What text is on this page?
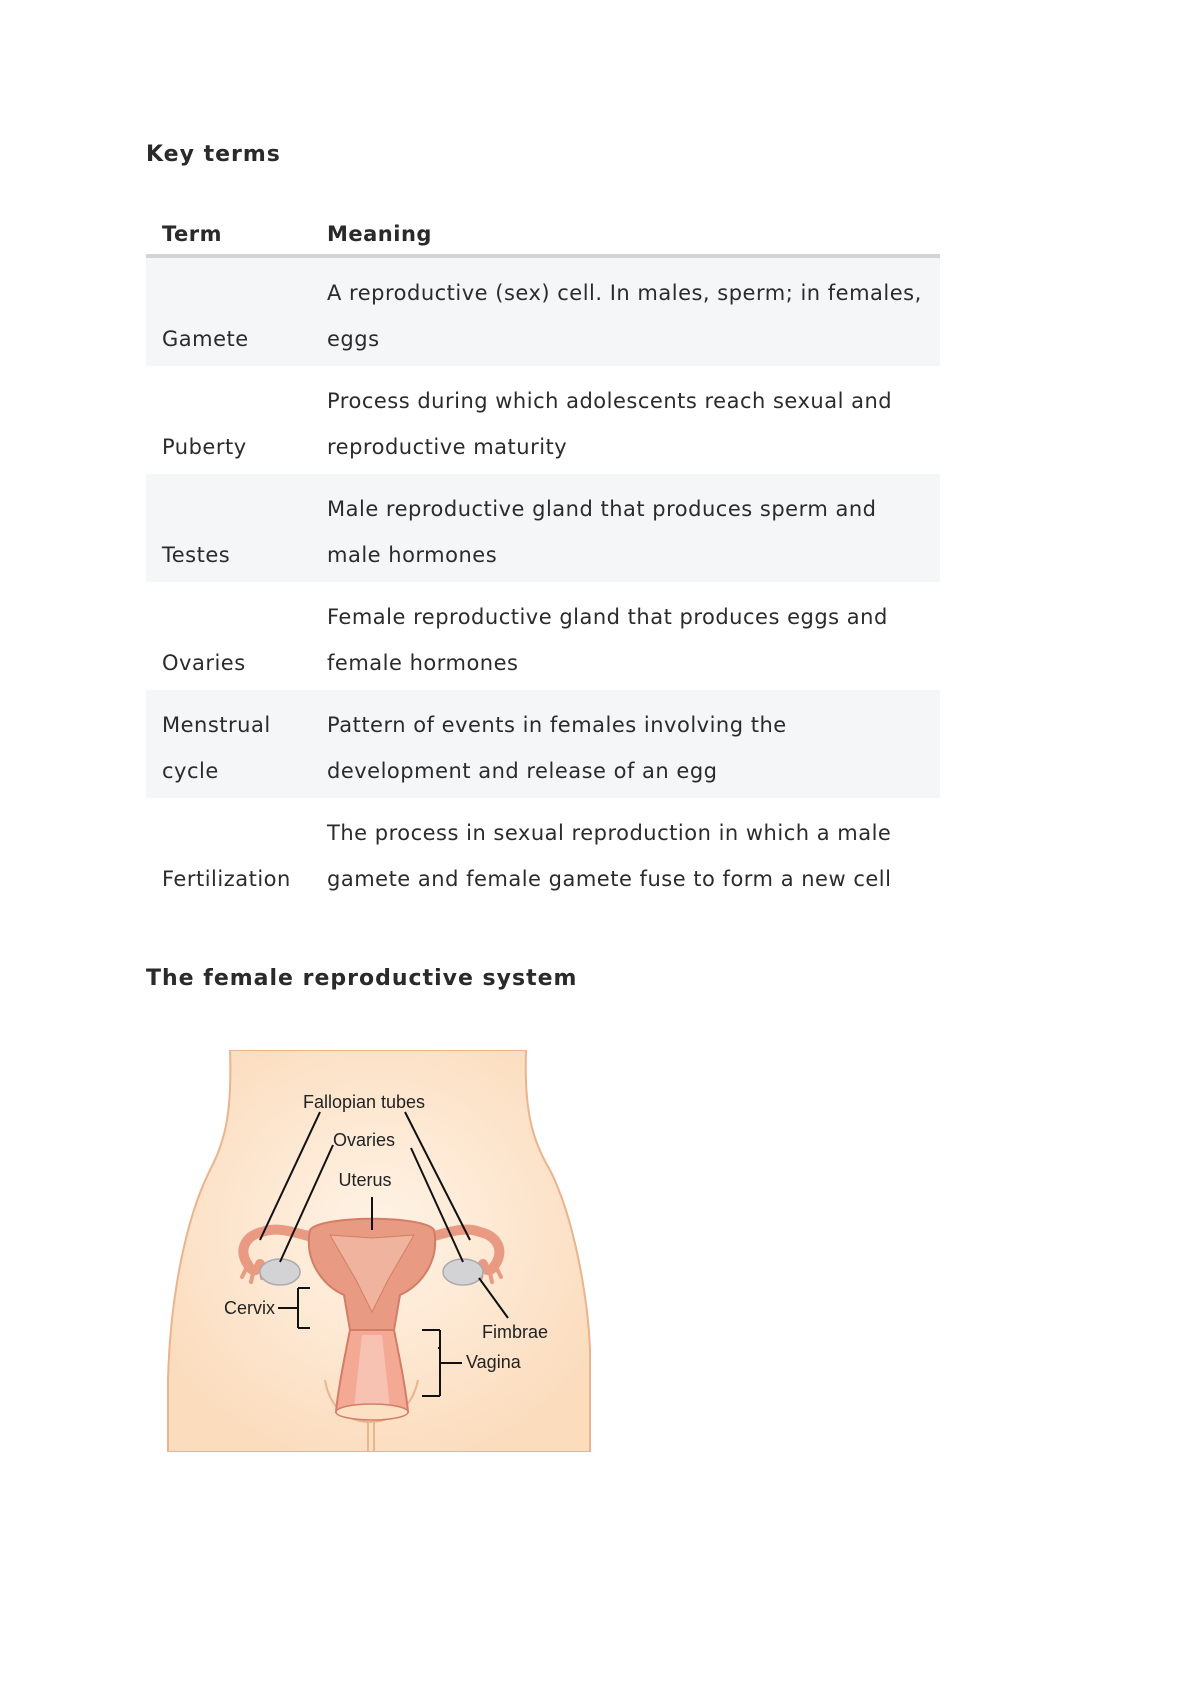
Key terms
Term	Meaning
Gamete	A reproductive (sex) cell. In males, sperm; in females, eggs
Puberty	Process during which adolescents reach sexual and reproductive maturity
Testes	Male reproductive gland that produces sperm and male hormones
Ovaries	Female reproductive gland that produces eggs and female hormones
Menstrual cycle	Pattern of events in females involving the development and release of an egg
Fertilization	The process in sexual reproduction in which a male gamete and female gamete fuse to form a new cell
The female reproductive system
Fallopian tubes
Ovaries
Uterus
Cervix
Fimbrae
Vagina
